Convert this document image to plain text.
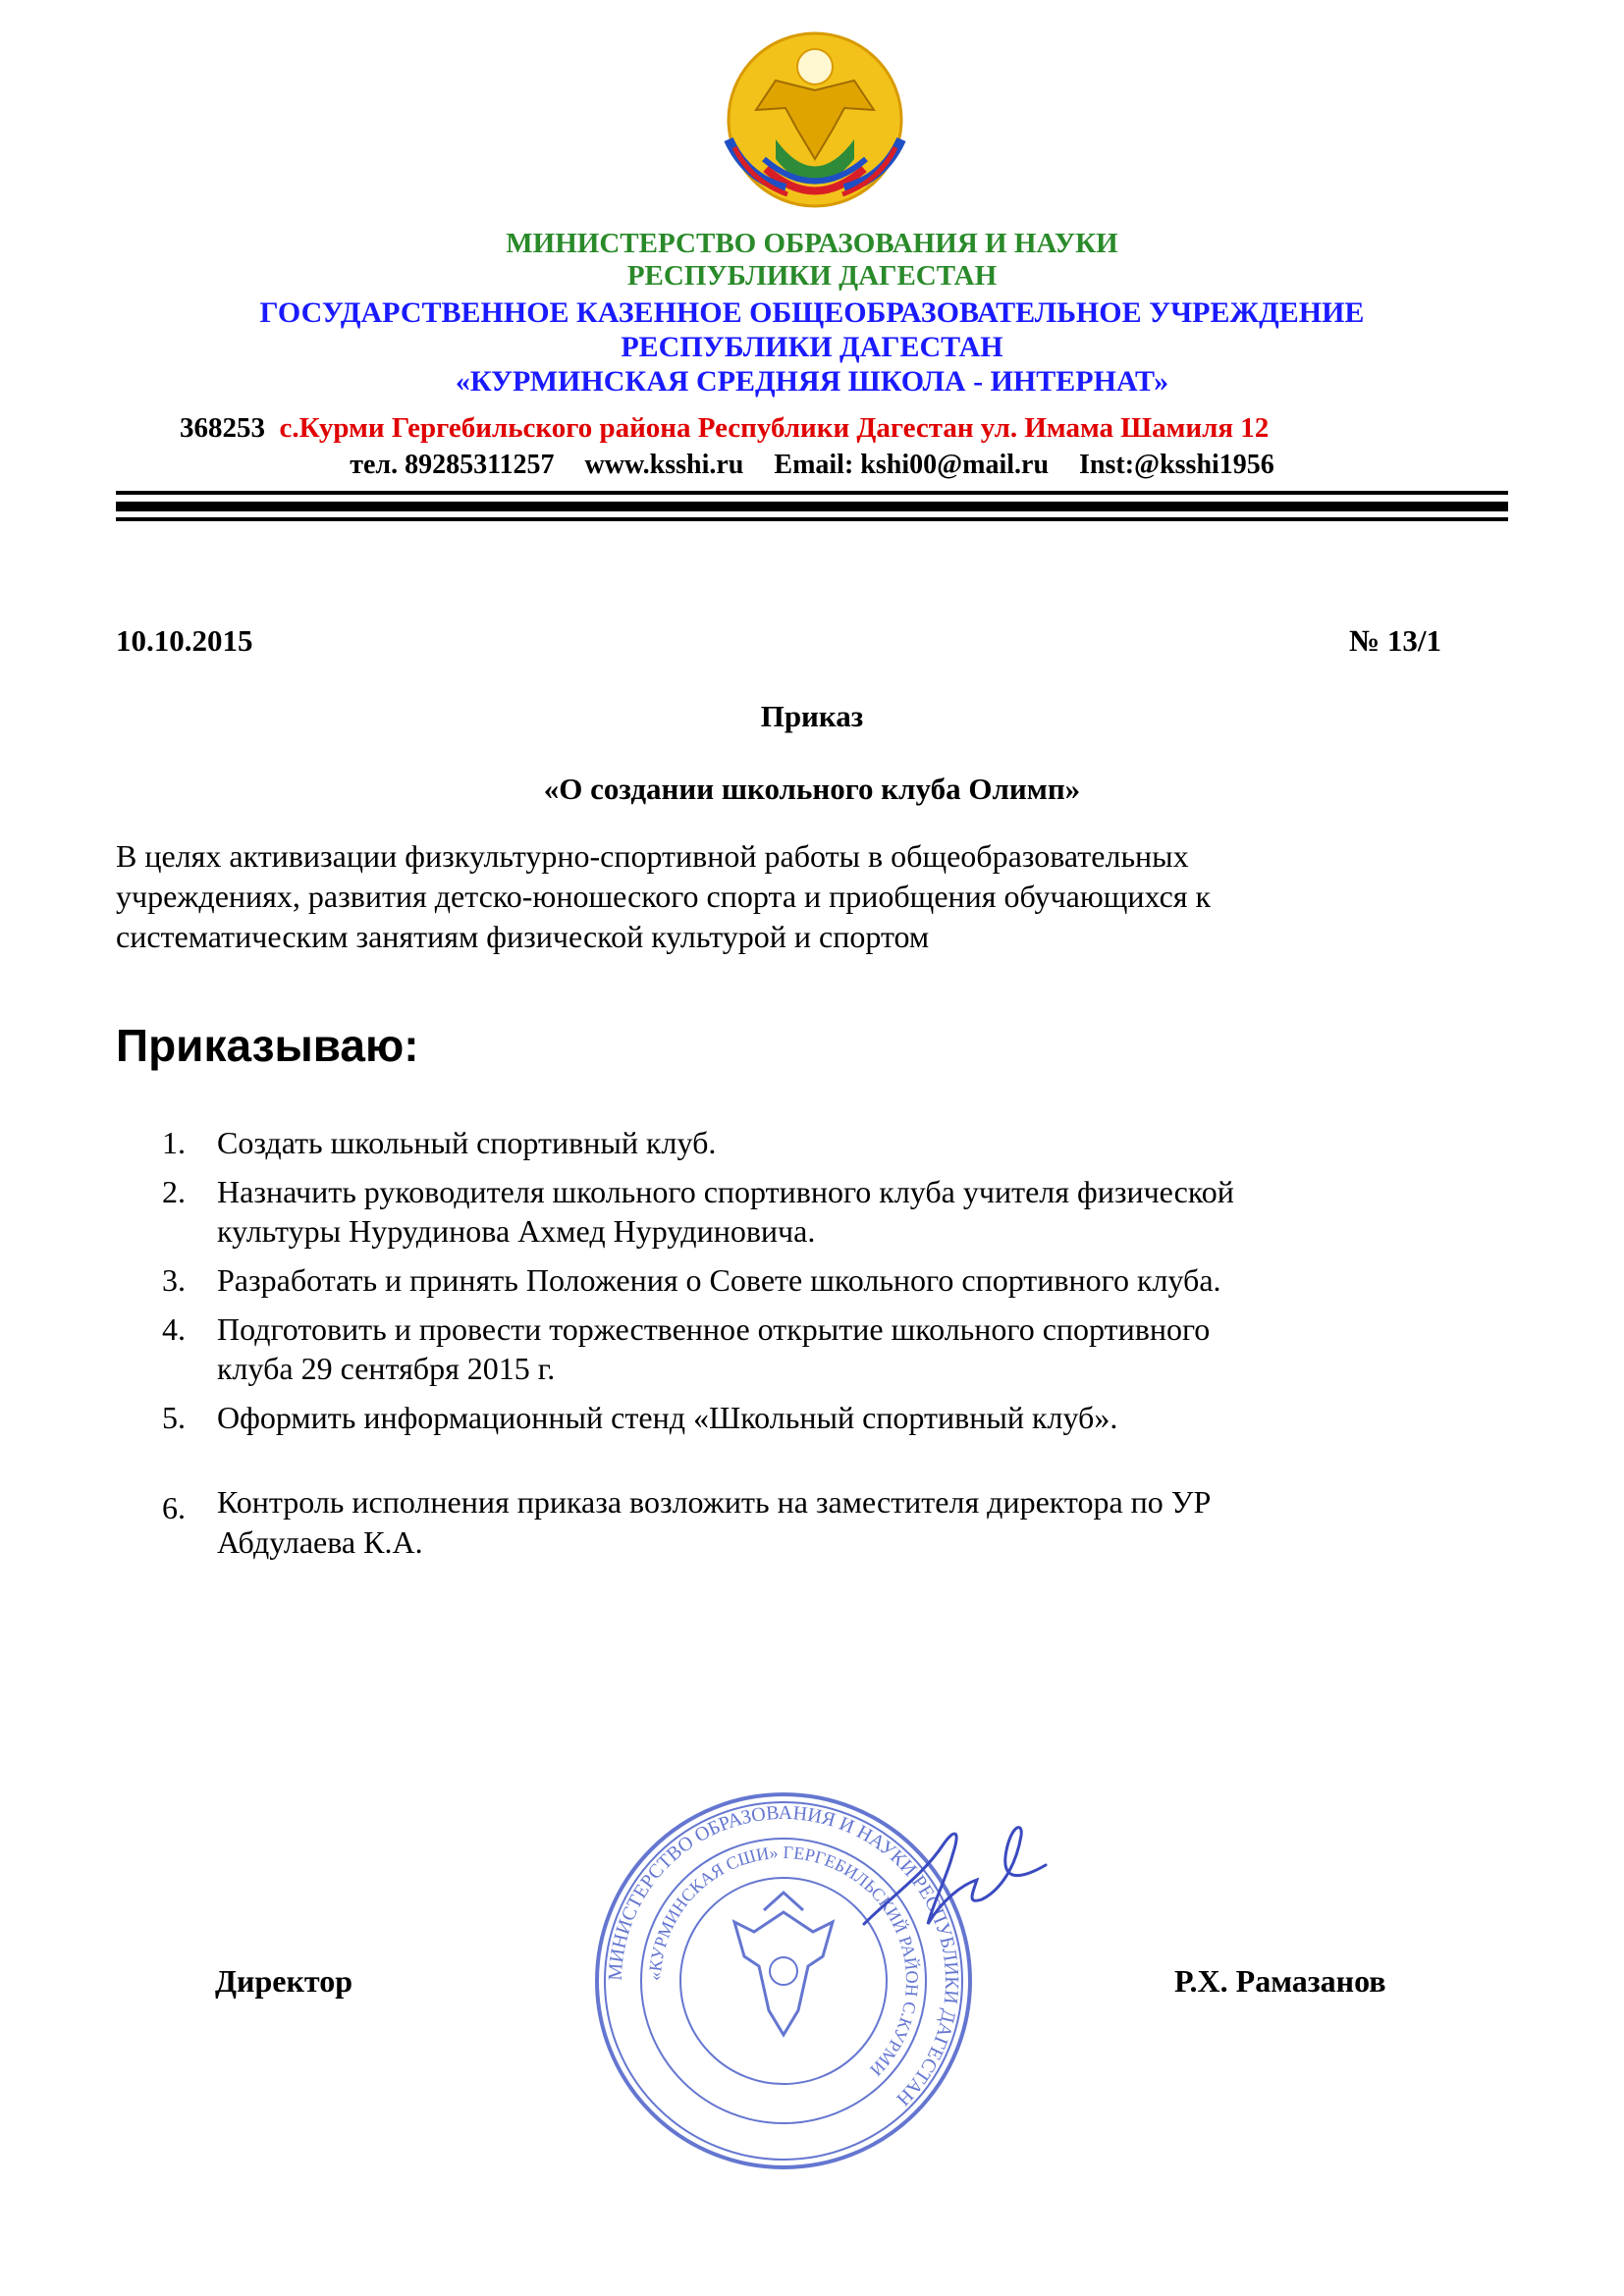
МИНИСТЕРСТВО ОБРАЗОВАНИЯ И НАУКИ
РЕСПУБЛИКИ ДАГЕСТАН
ГОСУДАРСТВЕННОЕ КАЗЕННОЕ ОБЩЕОБРАЗОВАТЕЛЬНОЕ УЧРЕЖДЕНИЕ
РЕСПУБЛИКИ ДАГЕСТАН
«КУРМИНСКАЯ СРЕДНЯЯ ШКОЛА - ИНТЕРНАТ»
368253 с.Курми Гергебильского района Республики Дагестан ул. Имама Шамиля 12
тел. 89285311257 www.ksshi.ru Email: kshi00@mail.ru Inst:@ksshi1956
10.10.2015	№ 13/1
Приказ
«О создании школьного клуба Олимп»
В целях активизации физкультурно-спортивной работы в общеобразовательных
учреждениях, развития детско-юношеского спорта и приобщения обучающихся к
систематическим занятиям физической культурой и спортом
Приказываю:
1. Создать школьный спортивный клуб.
2. Назначить руководителя школьного спортивного клуба учителя физической
культуры Нурудинова Ахмед Нурудиновича.
3. Разработать и принять Положения о Совете школьного спортивного клуба.
4. Подготовить и провести торжественное открытие школьного спортивного
клуба 29 сентября 2015 г.
5. Оформить информационный стенд «Школьный спортивный клуб».
6. Контроль исполнения приказа возложить на заместителя директора по УР
Абдулаева К.А.
МИНИСТЕРСТВО ОБРАЗОВАНИЯ И НАУКИ РЕСПУБЛИКИ ДАГЕСТАН
«КУРМИНСКАЯ СШИ» ГЕРГЕБИЛЬСКИЙ РАЙОН С.КУРМИ
Директор	Р.Х. Рамазанов
